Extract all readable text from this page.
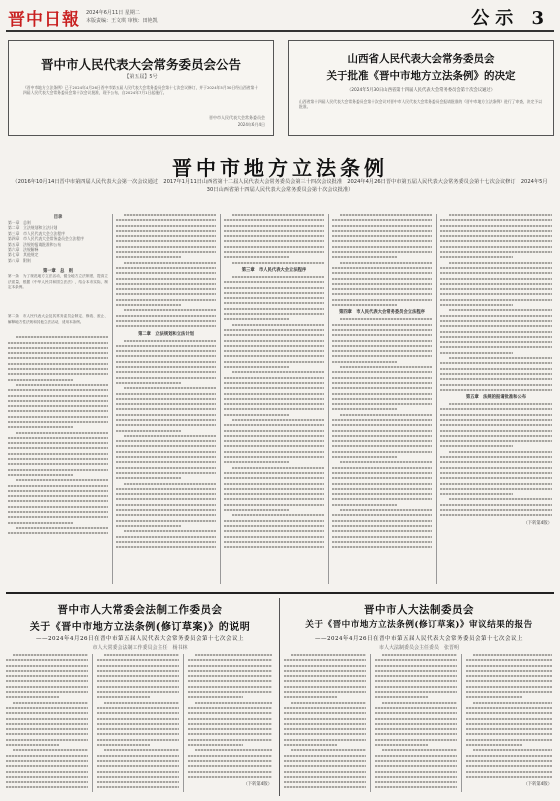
晋中日報 2024年6月11日 星期二
本版责编：王文琪 审核：田艳凯	公示 3
晋中市人民代表大会常务委员会公告
【第五届】5号
《晋中市地方立法条例》已于2024年4月26日晋中市第五届人民代表大会常务委员会第十七次会议修订，并于2024年5月30日经山西省第十四届人民代表大会常务委员会第十次会议批准，现予公布，自2024年7月1日起施行。
晋中市人民代表大会常务委员会
2024年6月4日
山西省人民代表大会常务委员会
关于批准《晋中市地方立法条例》的决定
（2024年5月30日山西省第十四届人民代表大会常务委员会第十次会议通过）
山西省第十四届人民代表大会常务委员会第十次会议对晋中市人民代表大会常务委员会报请批准的《晋中市地方立法条例》进行了审查，决定予以批准。
晋中市地方立法条例
（2016年10月14日晋中市第四届人民代表大会第一次会议通过　2017年1月11日山西省第十二届人民代表大会常务委员会第三十四次会议批准　2024年4月26日晋中市第五届人民代表大会常务委员会第十七次会议修订　2024年5月30日山西省第十四届人民代表大会常务委员会第十次会议批准）
目录
第一章　总则
第二章　立法规划和立法计划
第三章　市人民代表大会立法程序
第四章　市人民代表大会常务委员会立法程序
第五章　法规的报请批准和公布
第六章　法规解释
第七章　其他规定
第八章　附则
第一章　总　则
第一条　为了规范地方立法活动，健全地方立法制度，提高立法质量，根据《中华人民共和国立法法》，结合本市实际，制定本条例。
第二条　市人民代表大会及其常务委员会制定、修改、废止、解释地方性法规和其他立法活动，适用本条例。
第二章　立法规划和立法计划
第三章　市人民代表大会立法程序
第四章　市人民代表大会常务委员会立法程序
第五章　法规的报请批准和公布
（下转第4版）
晋中市人大常委会法制工作委员会
关于《晋中市地方立法条例(修订草案)》的说明
——2024年4月26日在晋中市第五届人民代表大会常务委员会第十七次会议上
市人大常委会法制工作委员会主任　杨书林
（下转第4版）
晋中市人大法制委员会
关于《晋中市地方立法条例(修订草案)》审议结果的报告
——2024年4月26日在晋中市第五届人民代表大会常务委员会第十七次会议上
市人大法制委员会主任委员　张晋明
（下转第4版）
